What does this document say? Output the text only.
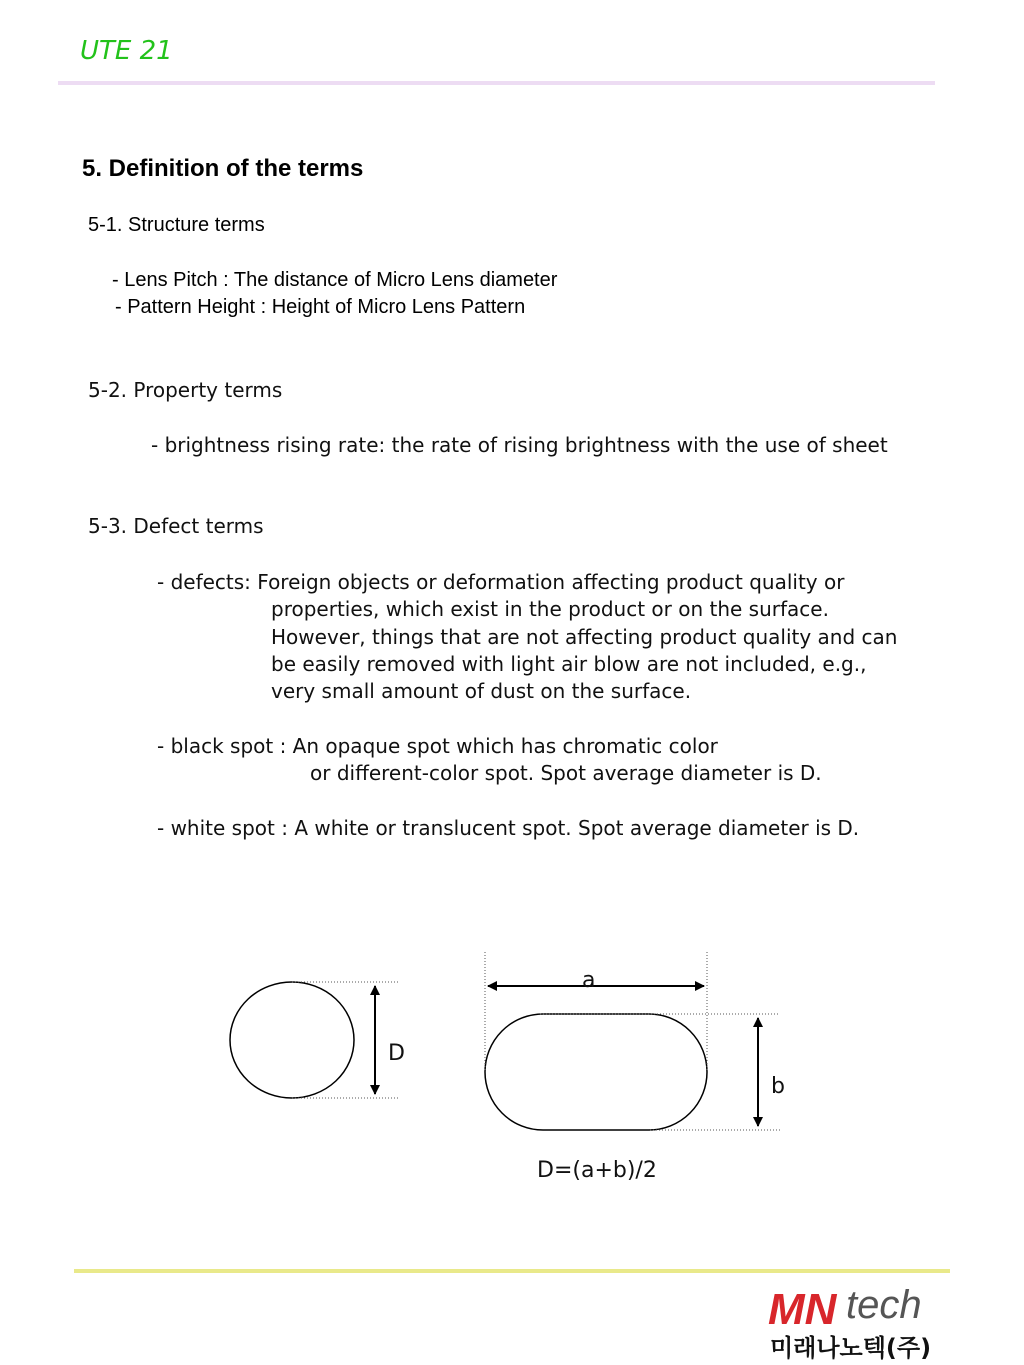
UTE 21
5. Definition of the terms
5-1. Structure terms
- Lens Pitch : The distance of Micro Lens diameter
- Pattern Height : Height of Micro Lens Pattern
5-2. Property terms
- brightness rising rate: the rate of rising brightness with the use of sheet
5-3. Defect terms
- defects: Foreign objects or deformation affecting product quality or
properties, which exist in the product or on the surface.
However, things that are not affecting product quality and can
be easily removed with light air blow are not included, e.g.,
very small amount of dust on the surface.
- black spot : An opaque spot which has chromatic color
or different-color spot. Spot average diameter is D.
- white spot : A white or translucent spot. Spot average diameter is D.
D
a
b
D=(a+b)/2
MN tech
미래나노텍(주)
